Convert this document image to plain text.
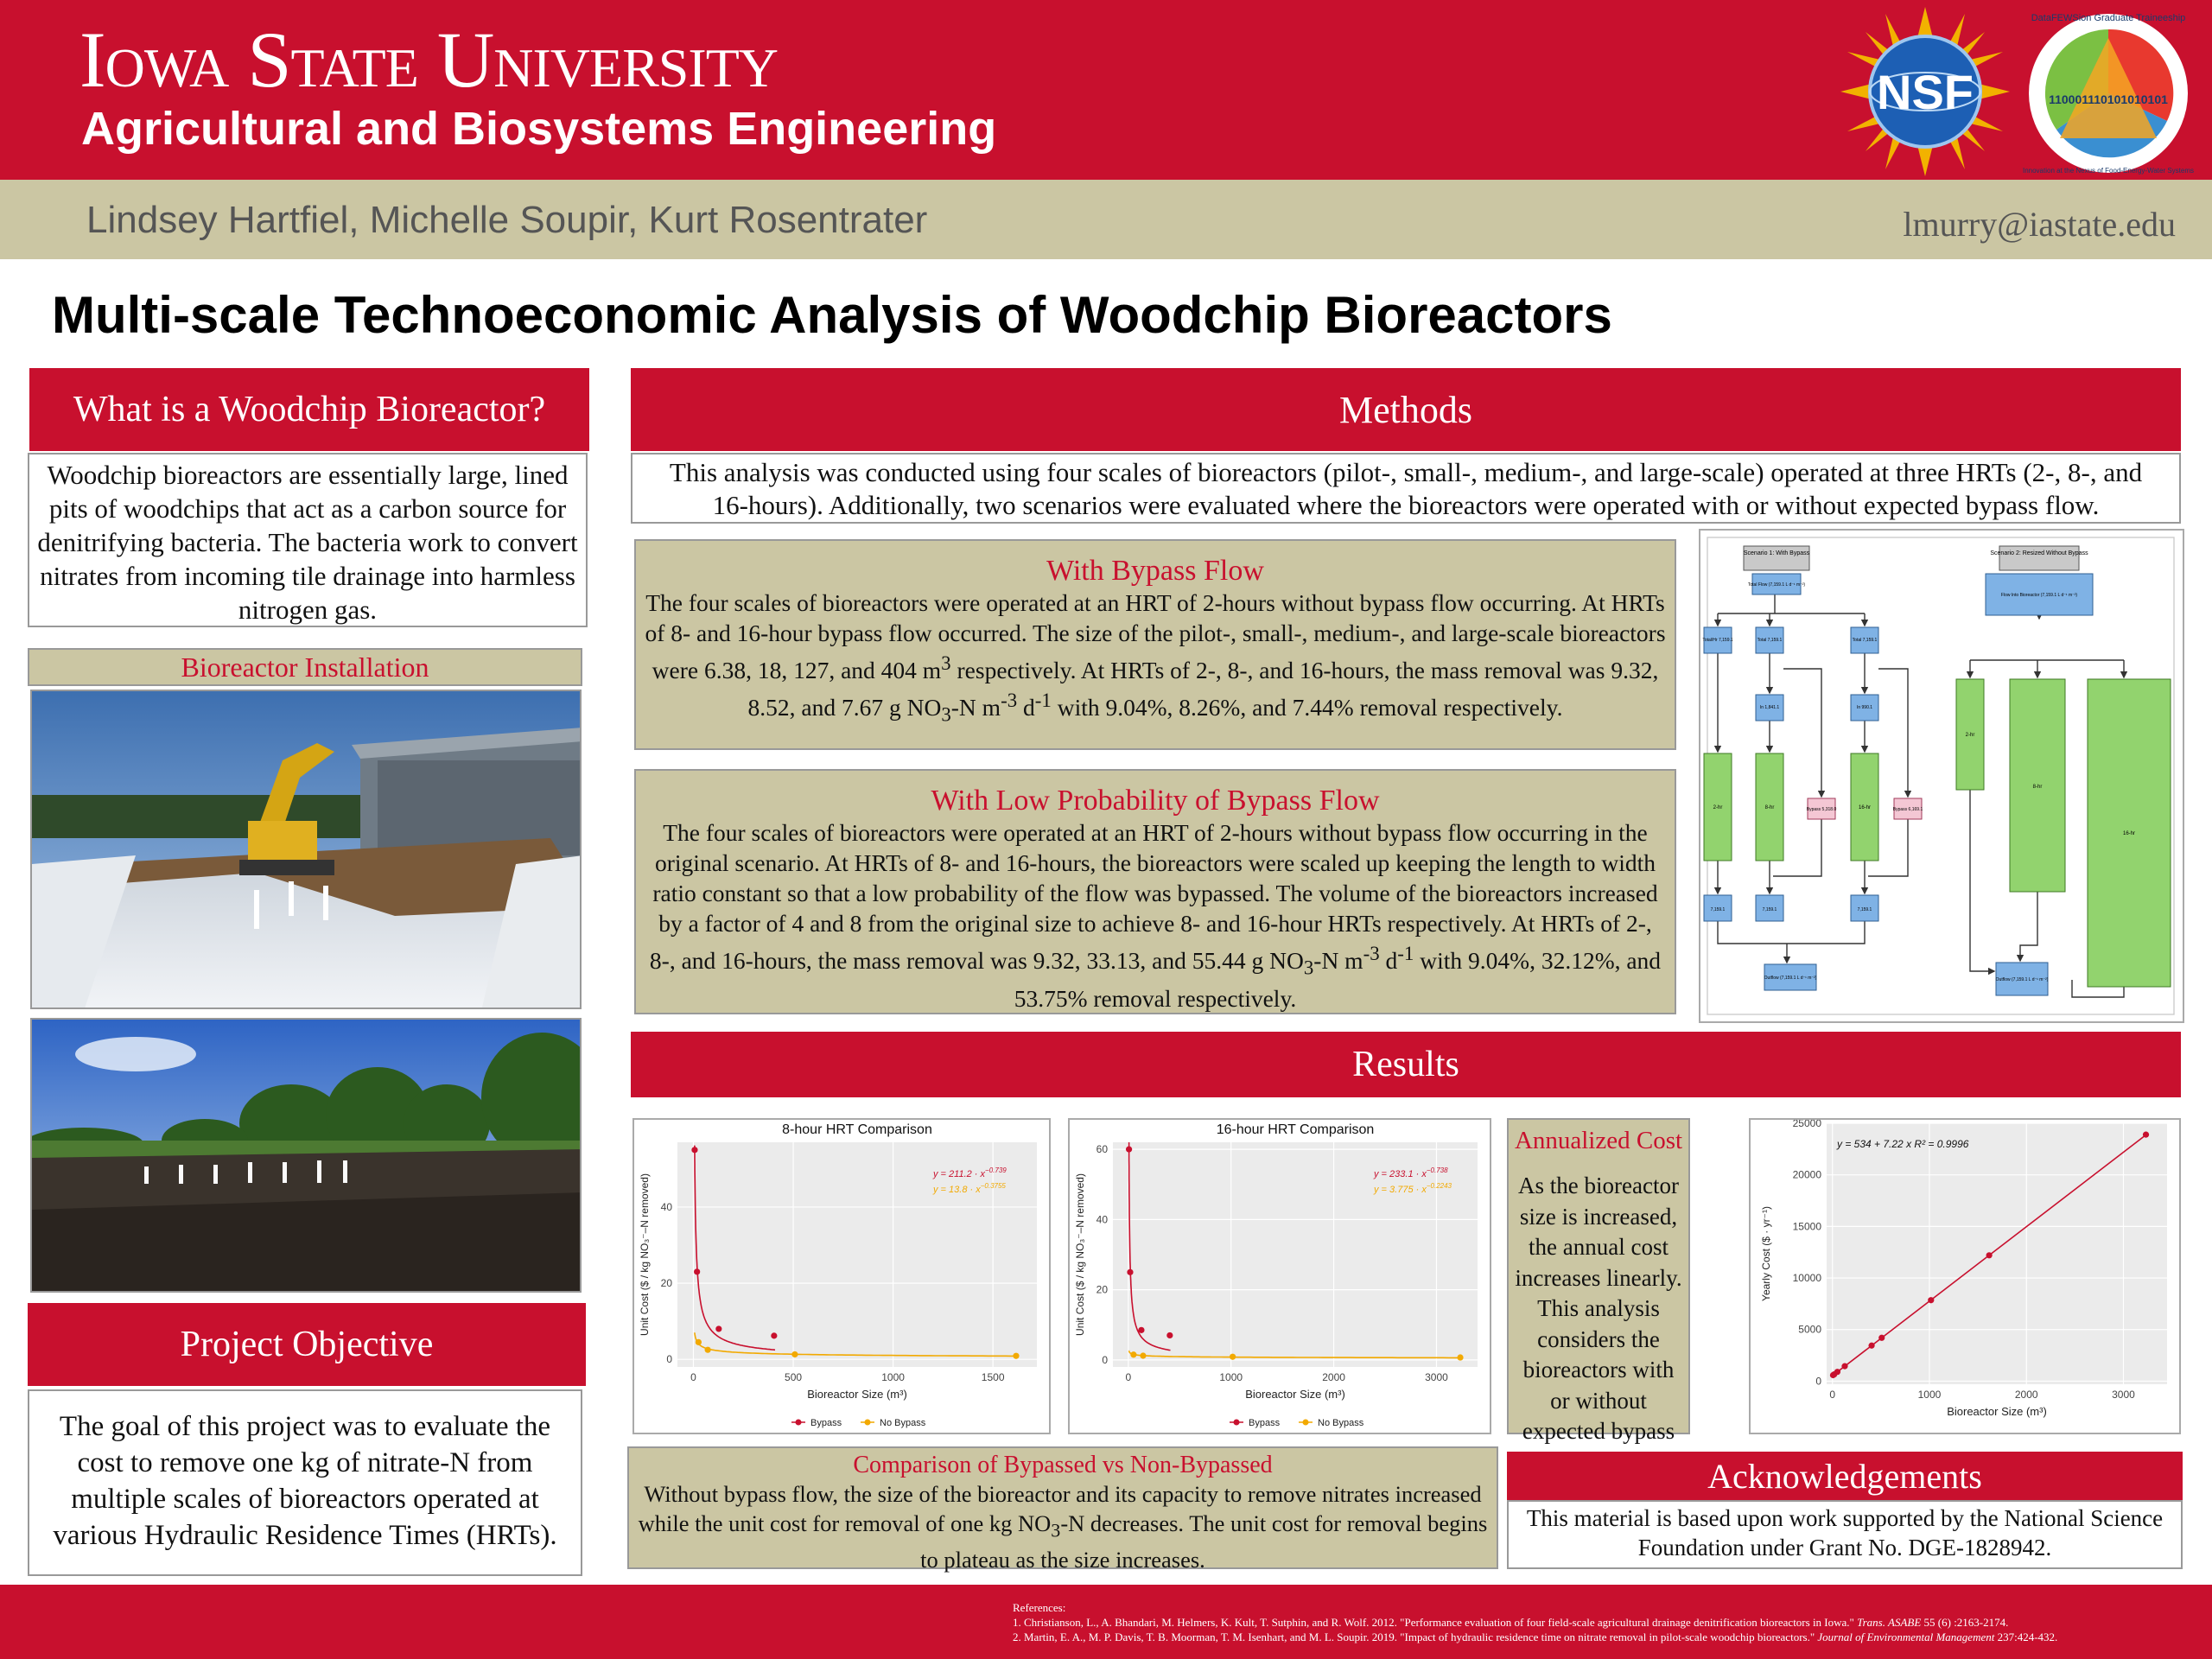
Iowa State University
Agricultural and Biosystems Engineering
NSF	110001110101010101
DataFEWSion Graduate Traineeship
Innovation at the Nexus of Food-Energy-Water Systems
Lindsey Hartfiel, Michelle Soupir, Kurt Rosentrater	lmurry@iastate.edu
Multi-scale Technoeconomic Analysis of Woodchip Bioreactors
What is a Woodchip Bioreactor?

Woodchip bioreactors are essentially large, lined pits of woodchips that act as a carbon source for denitrifying bacteria. The bacteria work to convert nitrates from incoming tile drainage into harmless nitrogen gas.

Bioreactor Installation
Project Objective

The goal of this project was to evaluate the cost to remove one kg of nitrate-N from multiple scales of bioreactors operated at various Hydraulic Residence Times (HRTs).

Methods

This analysis was conducted using four scales of bioreactors (pilot-, small-, medium-, and large-scale) operated at three HRTs (2-, 8-, and 16-hours). Additionally, two scenarios were evaluated where the bioreactors were operated with or without expected bypass flow.

With Bypass Flow

The four scales of bioreactors were operated at an HRT of 2-hours without bypass flow occurring. At HRTs of 8- and 16-hour bypass flow occurred. The size of the pilot-, small-, medium-, and large-scale bioreactors were 6.38, 18, 127, and 404 $m^3$ respectively. At HRTs of 2-, 8-, and 16-hours, the mass removal was 9.32, 8.52, and 7.67 g $NO_3-N$ $m^{-3}$ $d^{-1}$ with 9.04%, 8.26%, and 7.44% removal respectively.

With Low Probability of Bypass Flow

The four scales of bioreactors were operated at an HRT of 2-hours without bypass flow occurring in the original scenario. At HRTs of 8- and 16-hours, the bioreactors were scaled up keeping the length to width ratio constant so that a low probability of the flow was bypassed. The volume of the bioreactors increased by a factor of 4 and 8 from the original size to achieve 8- and 16-hour HRTs respectively. At HRTs of 2-, 8-, and 16-hours, the mass removal was 9.32, 33.13, and 55.44 g $NO_3-N$ $m^{-3}$ $d^{-1}$ with 9.04%, 32.12%, and 53.75% removal respectively.

Scenario 1: With Bypass
Total Flow (7,159.1 L d⁻¹ m⁻²)
Total/Hr 7,159.1	Total 7,159.1	Total 7,159.1
In 1,841.1	In 990.1
2-hr	8-hr	16-hr
Bypass 5,318.0	Bypass 6,169.1
7,159.1	7,159.1	7,159.1
Outflow (7,159.1 L d⁻¹ m⁻²)
Scenario 2: Resized Without Bypass
Flow Into Bioreactor (7,159.1 L d⁻¹ m⁻²)
2-hr
8-hr
16-hr
Outflow (7,159.1 L d⁻¹ m⁻²)
Results
0	500	1000	1500
0
20
40
8-hour HRT Comparison
Bioreactor Size (m³)
Unit Cost ($ / kg NO₃⁻–N removed)	$y = 211.2 \cdot x^{-0.739}$
$y = 13.8 \cdot x^{-0.3755}$
Bypass	No Bypass
0	1000	2000	3000
0
20
40
60
16-hour HRT Comparison
Bioreactor Size (m³)
Unit Cost ($ / kg NO₃⁻–N removed)	$y = 233.1 \cdot x^{-0.738}$
$y = 3.775 \cdot x^{-0.2243}$
Bypass	No Bypass
Annualized Cost

As the bioreactor size is increased, the annual cost increases linearly. This analysis considers the bioreactors with or without expected bypass

0	1000	2000	3000
0
5000
10000
15000
20000
25000
Bioreactor Size (m³)
Yearly Cost ($ · yr⁻¹)
y = 534 + 7.22 x R² = 0.9996
Comparison of Bypassed vs Non-Bypassed

Without bypass flow, the size of the bioreactor and its capacity to remove nitrates increased while the unit cost for removal of one kg $NO_3-N$ decreases. The unit cost for removal begins to plateau as the size increases.

Acknowledgements

This material is based upon work supported by the National Science Foundation under Grant No. DGE-1828942.

References:
1. Christianson, L., A. Bhandari, M. Helmers, K. Kult, T. Sutphin, and R. Wolf. 2012. "Performance evaluation of four field-scale agricultural drainage denitrification bioreactors in Iowa." Trans. ASABE 55 (6) :2163-2174.
2. Martin, E. A., M. P. Davis, T. B. Moorman, T. M. Isenhart, and M. L. Soupir. 2019. "Impact of hydraulic residence time on nitrate removal in pilot-scale woodchip bioreactors." Journal of Environmental Management 237:424-432.
